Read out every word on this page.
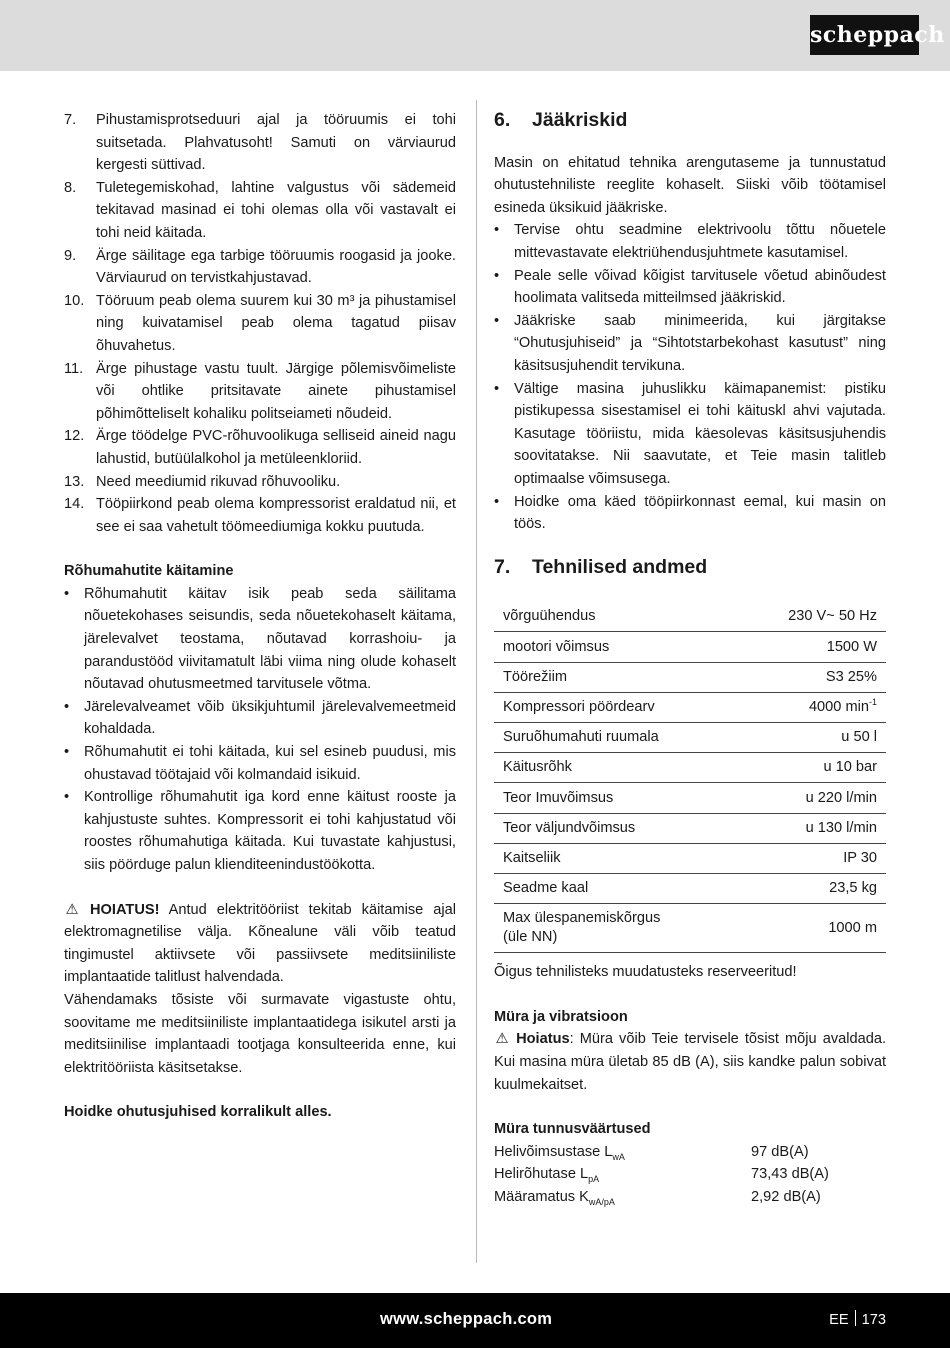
scheppach
7.	Pihustamisprotseduuri ajal ja tööruumis ei tohi suitsetada. Plahvatusoht! Samuti on värviaurud kergesti süttivad.
8.	Tuletegemiskohad, lahtine valgustus või sädemeid tekitavad masinad ei tohi olemas olla või vastavalt ei tohi neid käitada.
9.	Ärge säilitage ega tarbige tööruumis roogasid ja jooke. Värviaurud on tervistkahjustavad.
10. Tööruum peab olema suurem kui 30 m³ ja pihustamisel ning kuivatamisel peab olema tagatud piisav õhuvahetus.
11. Ärge pihustage vastu tuult. Järgige põlemisvõimeliste või ohtlike pritsitavate ainete pihustamisel põhimõtteliselt kohaliku politseiameti nõudeid.
12. Ärge töödelge PVC-rõhuvoolikuga selliseid aineid nagu lahustid, butüülalkohol ja metüleenkloriid.
13. Need meediumid rikuvad rõhuvooliku.
14. Tööpiirkond peab olema kompressorist eraldatud nii, et see ei saa vahetult töömeediumiga kokku puutuda.
Rõhumahutite käitamine
•	Rõhumahutit käitav isik peab seda säilitama nõuetekohases seisundis, seda nõuetekohaselt käitama, järelevalvet teostama, nõutavad korrashoiu- ja parandustööd viivitamatult läbi viima ning olude kohaselt nõutavad ohutusmeetmed tarvitusele võtma.
•	Järelevalveamet võib üksikjuhtumil järelevalvemeetmeid kohaldada.
•	Rõhumahutit ei tohi käitada, kui sel esineb puudusi, mis ohustavad töötajaid või kolmandaid isikuid.
•	Kontrollige rõhumahutit iga kord enne käitust rooste ja kahjustuste suhtes. Kompressorit ei tohi kahjustatud või roostes rõhumahutiga käitada. Kui tuvastate kahjustusi, siis pöörduge palun klienditeenindustöökotta.
⚠ HOIATUS! Antud elektritööriist tekitab käitamise ajal elektromagnetilise välja. Kõnealune väli võib teatud tingimustel aktiivsete või passiivsete meditsiiniliste implantaatide talitlust halvendada.
Vähendamaks tõsiste või surmavate vigastuste ohtu, soovitame me meditsiiniliste implantaatidega isikutel arsti ja meditsiinilise implantaadi tootjaga konsulteerida enne, kui elektritööriista käsitsetakse.
Hoidke ohutusjuhised korralikult alles.
6.	Jääkriskid
Masin on ehitatud tehnika arengutaseme ja tunnustatud ohutustehniliste reeglite kohaselt. Siiski võib töötamisel esineda üksikuid jääkriske.
•	Tervise ohtu seadmine elektrivoolu tõttu nõuetele mittevastavate elektriühendusjuhtmete kasutamisel.
•	Peale selle võivad kõigist tarvitusele võetud abinõudest hoolimata valitseda mitteilmsed jääkriskid.
•	Jääkriske saab minimeerida, kui järgitakse “Ohutusjuhiseid” ja “Sihtotstarbekohast kasutust” ning käsitsusjuhendit tervikuna.
•	Vältige masina juhuslikku käimapanemist: pistiku pistikupessa sisestamisel ei tohi käituskl ahvi vajutada. Kasutage tööriistu, mida käesolevas käsitsusjuhendis soovitatakse. Nii saavutate, et Teie masin talitleb optimaalse võimsusega.
•	Hoidke oma käed tööpiirkonnast eemal, kui masin on töös.
7.	Tehnilised andmed
võrguühendus	230 V~ 50 Hz
mootori võimsus	1500 W
Töörežiim	S3 25%
Kompressori pöördearv	4000 $\min^{-1}$
Suruõhumahuti ruumala	u 50 l
Käitusrõhk	u 10 bar
Teor Imuvõimsus	u 220 l/min
Teor väljundvõimsus	u 130 l/min
Kaitseliik	IP 30
Seadme kaal	23,5 kg
Max ülespanemiskõrgus
(üle NN)	1000 m
Õigus tehnilisteks muudatusteks reserveeritud!
Müra ja vibratsioon
⚠ Hoiatus: Müra võib Teie tervisele tõsist mõju avaldada. Kui masina müra ületab 85 dB (A), siis kandke palun sobivat kuulmekaitset.
Müra tunnusväärtused
Helivõimsustase $L_{wA}$	97 dB(A)
Helirõhutase $L_{pA}$	73,43 dB(A)
Määramatus $K_{wA/pA}$	2,92 dB(A)
www.scheppach.com	EE 173
